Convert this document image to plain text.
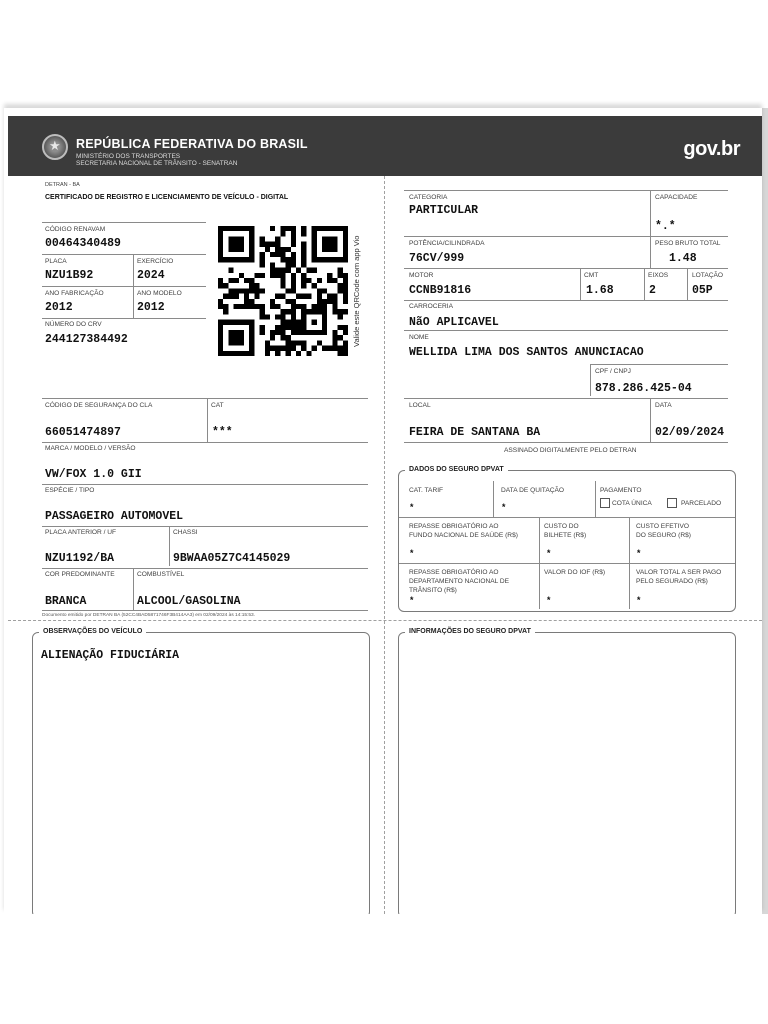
★ REPÚBLICA FEDERATIVA DO BRASIL
MINISTÉRIO DOS TRANSPORTES
SECRETARIA NACIONAL DE TRÂNSITO - SENATRAN
gov.br
DETRAN - BA
CERTIFICADO DE REGISTRO E LICENCIAMENTO DE VEÍCULO - DIGITAL
CÓDIGO RENAVAM
00464340489
PLACA
NZU1B92
EXERCÍCIO
2024
ANO FABRICAÇÃO
2012
ANO MODELO
2012
NÚMERO DO CRV
244127384492	Valide este QRCode com app Vio
CÓDIGO DE SEGURANÇA DO CLA
66051474897
CAT
***
MARCA / MODELO / VERSÃO
VW/FOX 1.0 GII
ESPÉCIE / TIPO
PASSAGEIRO AUTOMOVEL
PLACA ANTERIOR / UF
NZU1192/BA
CHASSI
9BWAA05Z7C4145029
COR PREDOMINANTE
BRANCA
COMBUSTÍVEL
ALCOOL/GASOLINA
CATEGORIA
PARTICULAR
CAPACIDADE
*.*
POTÊNCIA/CILINDRADA
76CV/999
PESO BRUTO TOTAL
1.48
MOTOR
CCNB91816
CMT
1.68
EIXOS
2
LOTAÇÃO
05P
CARROCERIA
NãO APLICAVEL
NOME
WELLIDA LIMA DOS SANTOS ANUNCIACAO
CPF / CNPJ
878.286.425-04
LOCAL
FEIRA DE SANTANA BA
DATA
02/09/2024
ASSINADO DIGITALMENTE PELO DETRAN
Documento emitido por DETRAN BA (52CC4BAD5871746F3B414AA3) em 02/09/2024 às 14:15:53.
DADOS DO SEGURO DPVAT
CAT. TARIF
*
DATA DE QUITAÇÃO
*
PAGAMENTO
COTA ÚNICA	PARCELADO
REPASSE OBRIGATÓRIO AO
FUNDO NACIONAL DE SAÚDE (R$)
*
CUSTO DO
BILHETE (R$)
*
CUSTO EFETIVO
DO SEGURO (R$)
*
REPASSE OBRIGATÓRIO AO
DEPARTAMENTO NACIONAL DE
TRÂNSITO (R$)
*
VALOR DO IOF (R$)
*
VALOR TOTAL A SER PAGO
PELO SEGURADO (R$)
*
OBSERVAÇÕES DO VEÍCULO
ALIENAÇÃO FIDUCIÁRIA
INFORMAÇÕES DO SEGURO DPVAT
